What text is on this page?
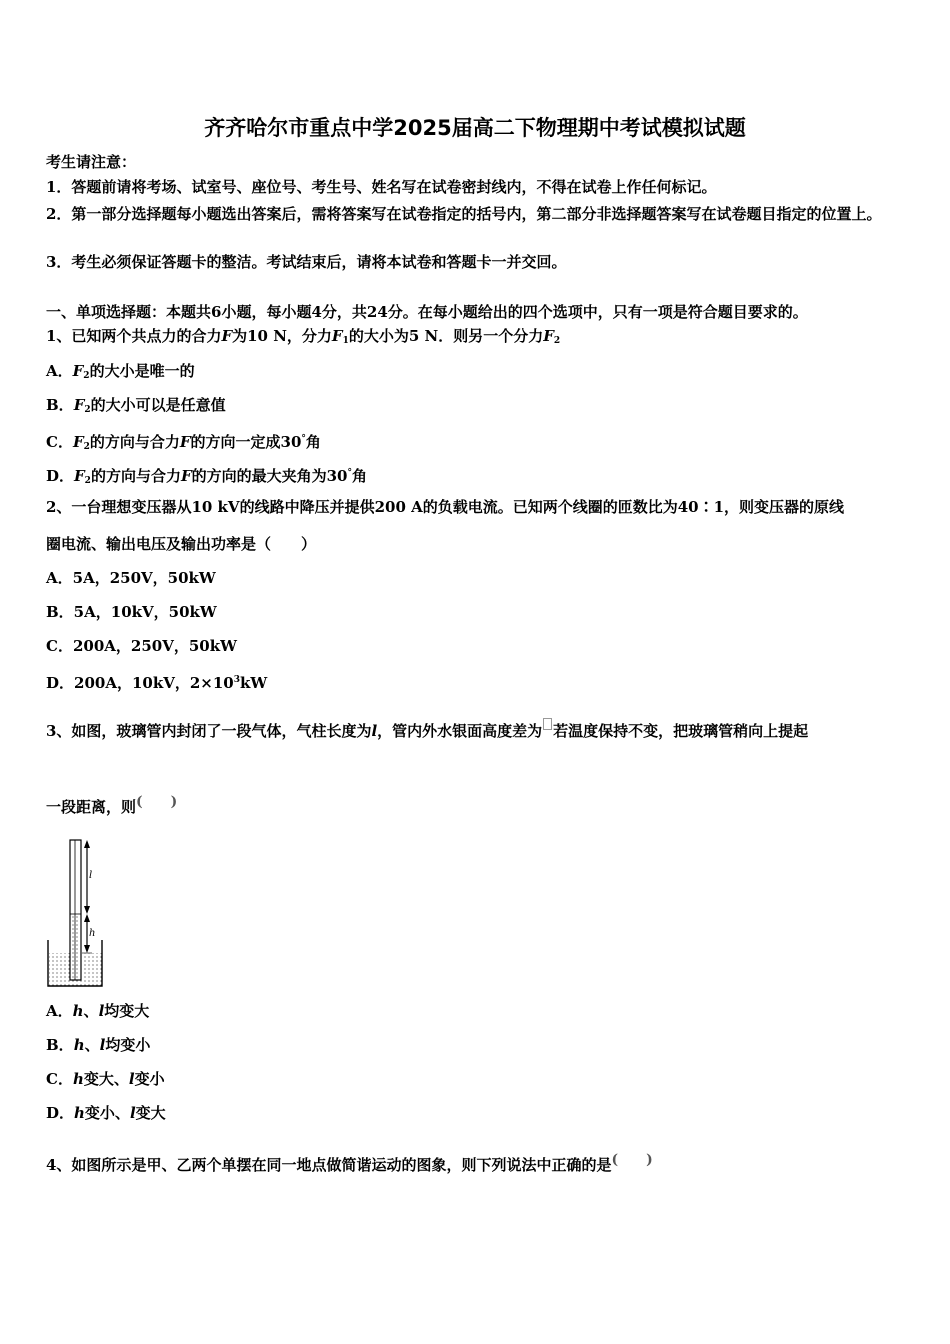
齐齐哈尔市重点中学2025届高二下物理期中考试模拟试题
考生请注意：
1．答题前请将考场、试室号、座位号、考生号、姓名写在试卷密封线内，不得在试卷上作任何标记。
2．第一部分选择题每小题选出答案后，需将答案写在试卷指定的括号内，第二部分非选择题答案写在试卷题目指定的位置上。
3．考生必须保证答题卡的整洁。考试结束后，请将本试卷和答题卡一并交回。
一、单项选择题：本题共6小题，每小题4分，共24分。在每小题给出的四个选项中，只有一项是符合题目要求的。
1、已知两个共点力的合力F为10 N，分力$F_1$的大小为5 N．则另一个分力$F_2$
A．$F_2$的大小是唯一的
B．$F_2$的大小可以是任意值
C．$F_2$的方向与合力F的方向一定成30°角
D．$F_2$的方向与合力F的方向的最大夹角为30°角
2、一台理想变压器从10 kV的线路中降压并提供200 A的负载电流。已知两个线圈的匝数比为40∶1，则变压器的原线
圈电流、输出电压及输出功率是（　　）
A．5A，250V，50kW
B．5A，10kV，50kW
C．200A，250V，50kW
D．200A，10kV，$2\times 10^3kW$
3、如图，玻璃管内封闭了一段气体，气柱长度为l，管内外水银面高度差为 若温度保持不变，把玻璃管稍向上提起
一段距离，则(　　)
l
h
A．h、l均变大
B．h、l均变小
C．h变大、l变小
D．h变小、l变大
4、如图所示是甲、乙两个单摆在同一地点做简谐运动的图象，则下列说法中正确的是(　　)
